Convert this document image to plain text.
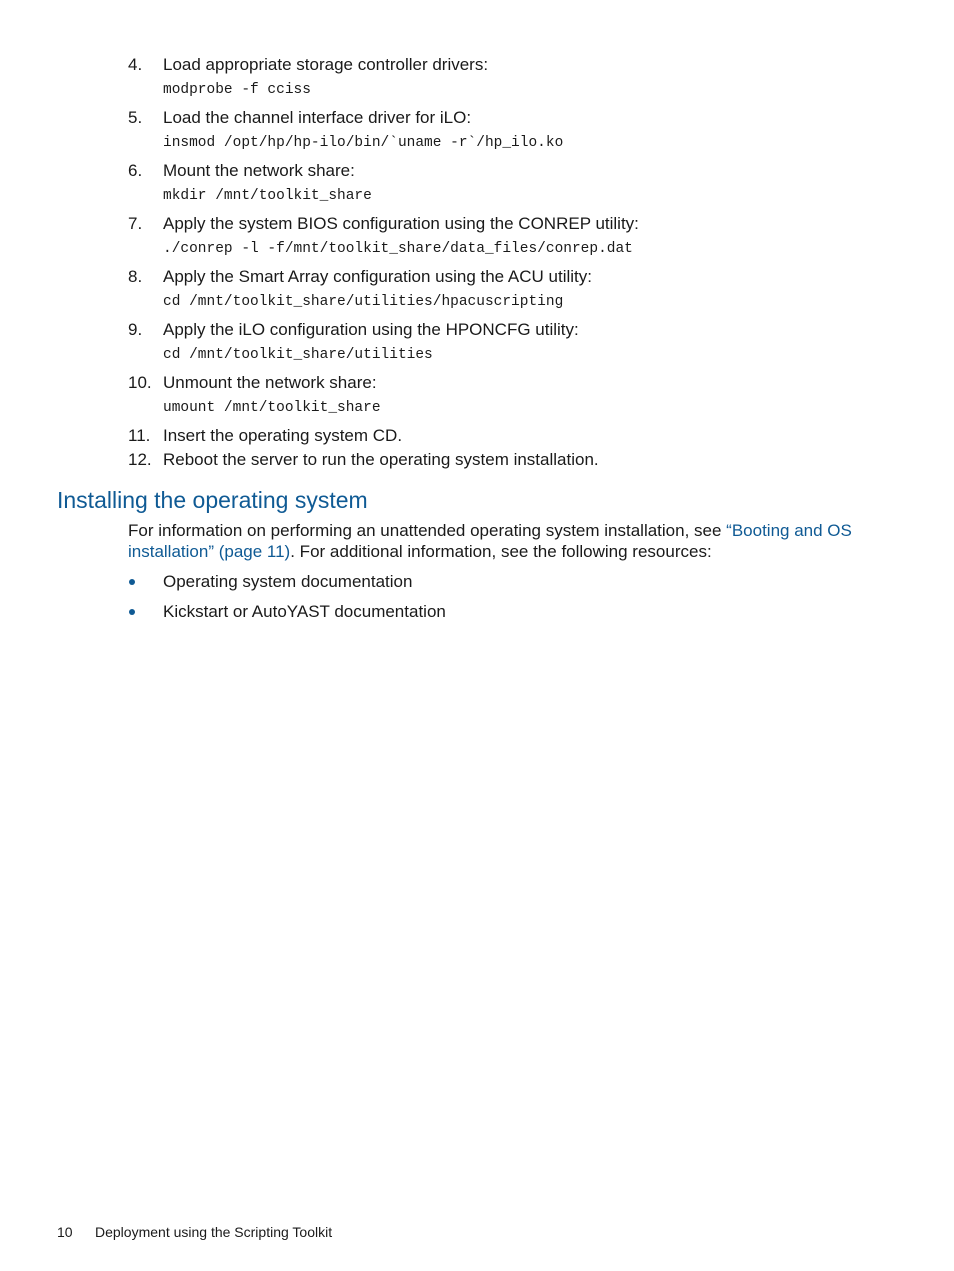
4. Load appropriate storage controller drivers:
modprobe -f cciss
5. Load the channel interface driver for iLO:
insmod /opt/hp/hp-ilo/bin/`uname -r`/hp_ilo.ko
6. Mount the network share:
mkdir /mnt/toolkit_share
7. Apply the system BIOS configuration using the CONREP utility:
./conrep -l -f/mnt/toolkit_share/data_files/conrep.dat
8. Apply the Smart Array configuration using the ACU utility:
cd /mnt/toolkit_share/utilities/hpacuscripting
9. Apply the iLO configuration using the HPONCFG utility:
cd /mnt/toolkit_share/utilities
10. Unmount the network share:
umount /mnt/toolkit_share
11. Insert the operating system CD.
12. Reboot the server to run the operating system installation.
Installing the operating system
For information on performing an unattended operating system installation, see “Booting and OS installation” (page 11). For additional information, see the following resources:
Operating system documentation
Kickstart or AutoYAST documentation
10 Deployment using the Scripting Toolkit
